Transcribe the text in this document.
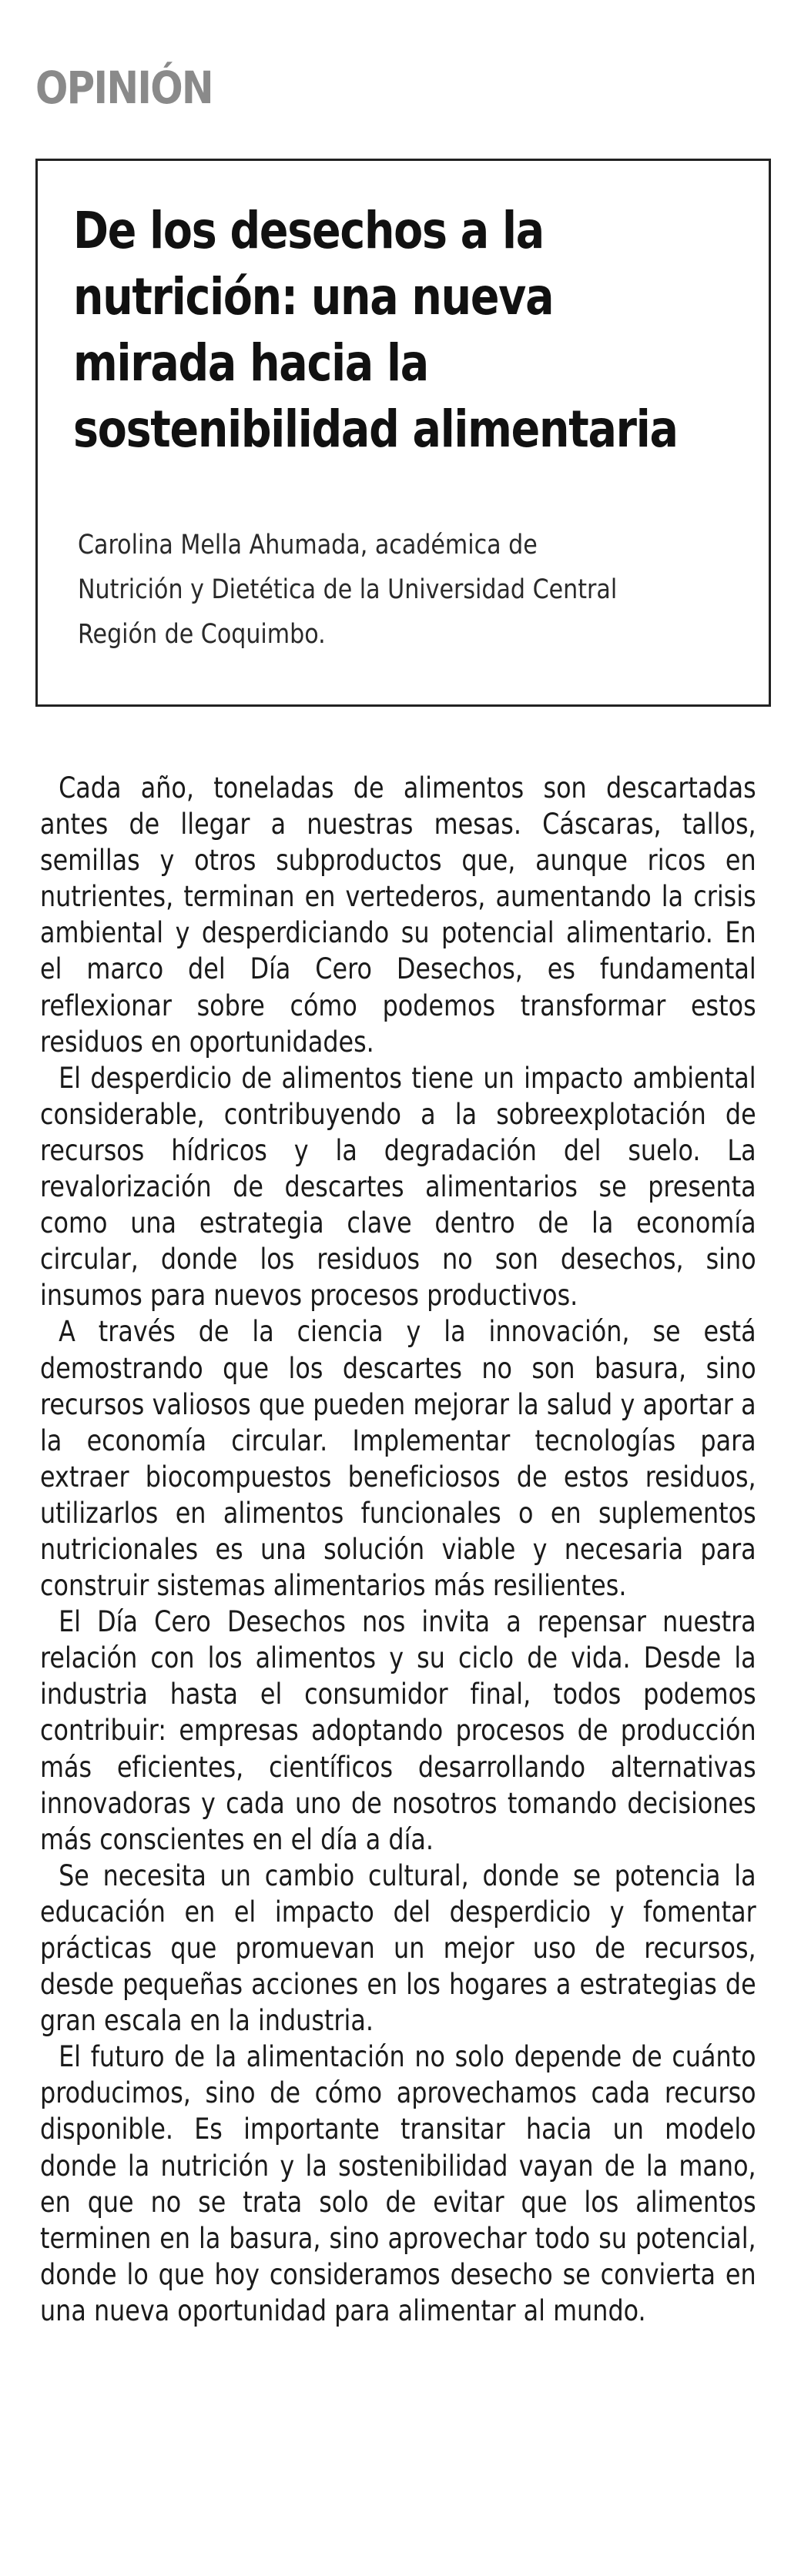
OPINIÓN
De los desechos a la
nutrición: una nueva
mirada hacia la
sostenibilidad alimentaria
Carolina Mella Ahumada, académica de
Nutrición y Dietética de la Universidad Central
Región de Coquimbo.

Cada año, toneladas de alimentos son descartadas antes de llegar a nuestras mesas. Cáscaras, tallos, semillas y otros subproductos que, aunque ricos en nutrientes, terminan en vertederos, aumentando la crisis ambiental y desperdiciando su potencial alimentario. En el marco del Día Cero Desechos, es fundamental reflexionar sobre cómo podemos transformar estos residuos en oportunidades.

El desperdicio de alimentos tiene un impacto ambiental considerable, contribuyendo a la sobreexplotación de recursos hídricos y la degradación del suelo. La revalorización de descartes alimentarios se presenta como una estrategia clave dentro de la economía circular, donde los residuos no son desechos, sino insumos para nuevos procesos productivos.

A través de la ciencia y la innovación, se está demostrando que los descartes no son basura, sino recursos valiosos que pueden mejorar la salud y aportar a la economía circular. Implementar tecnologías para extraer biocompuestos beneficiosos de estos residuos, utilizarlos en alimentos funcionales o en suplementos nutricionales es una solución viable y necesaria para construir sistemas alimentarios más resilientes.

El Día Cero Desechos nos invita a repensar nuestra relación con los alimentos y su ciclo de vida. Desde la industria hasta el consumidor final, todos podemos contribuir: empresas adoptando procesos de producción más eficientes, científicos desarrollando alternativas innovadoras y cada uno de nosotros tomando decisiones más conscientes en el día a día.

Se necesita un cambio cultural, donde se potencia la educación en el impacto del desperdicio y fomentar prácticas que promuevan un mejor uso de recursos, desde pequeñas acciones en los hogares a estrategias de gran escala en la industria.

El futuro de la alimentación no solo depende de cuánto producimos, sino de cómo aprovechamos cada recurso disponible. Es importante transitar hacia un modelo donde la nutrición y la sostenibilidad vayan de la mano, en que no se trata solo de evitar que los alimentos terminen en la basura, sino aprovechar todo su potencial, donde lo que hoy consideramos desecho se convierta en una nueva oportunidad para alimentar al mundo.
